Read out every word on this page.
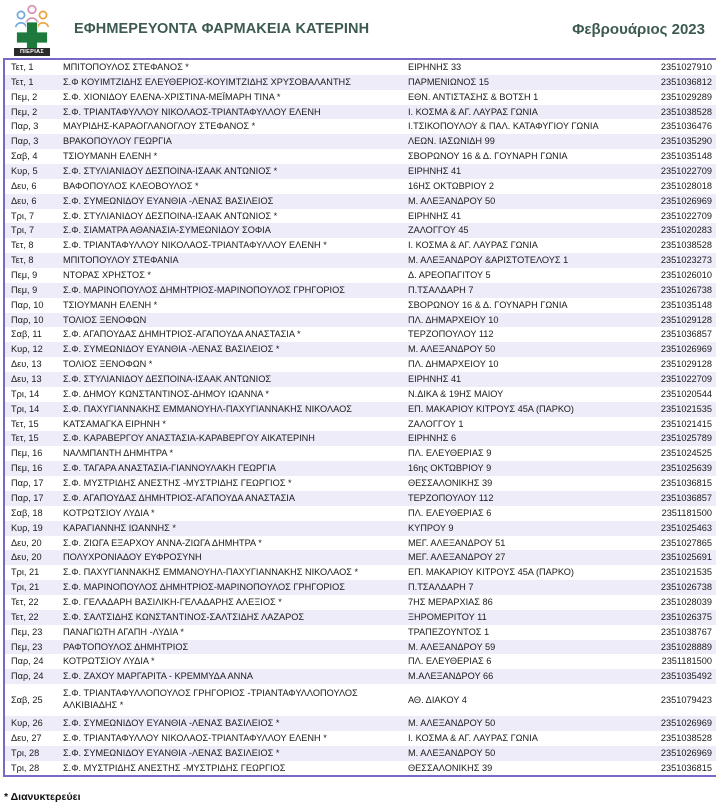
ΠΙΕΡΙΑΣ
ΕΦΗΜΕΡΕΥΟΝΤΑ ΦΑΡΜΑΚΕΙΑ ΚΑΤΕΡΙΝΗ	Φεβρουάριος 2023
Τετ, 1	ΜΠΙΤΟΠΟΥΛΟΣ ΣΤΕΦΑΝΟΣ *	ΕΙΡΗΝΗΣ 33	2351027910
Τετ, 1	Σ.Φ ΚΟΥΙΜΤΖΙΔΗΣ ΕΛΕΥΘΕΡΙΟΣ-ΚΟΥΙΜΤΖΙΔΗΣ ΧΡΥΣΟΒΑΛΑΝΤΗΣ	ΠΑΡΜΕΝΙΩΝΟΣ 15	2351036812
Πεμ, 2	Σ.Φ. ΧΙΟΝΙΔΟΥ ΕΛΕΝΑ-ΧΡΙΣΤΙΝΑ-ΜΕΪΜΑΡΗ ΤΙΝΑ *	ΕΘΝ. ΑΝΤΙΣΤΑΣΗΣ & ΒΟΤΣΗ 1	2351029289
Πεμ, 2	Σ.Φ. ΤΡΙΑΝΤΑΦΥΛΛΟΥ ΝΙΚΟΛΑΟΣ-ΤΡΙΑΝΤΑΦΥΛΛΟΥ ΕΛΕΝΗ	Ι. ΚΟΣΜΑ & ΑΓ. ΛΑΥΡΑΣ ΓΩΝΙΑ	2351038528
Παρ, 3	ΜΑΥΡΙΔΗΣ-ΚΑΡΑΟΓΛΑΝΟΓΛΟΥ ΣΤΕΦΑΝΟΣ *	Ι.ΤΣΙΚΟΠΟΥΛΟΥ & ΠΑΛ. ΚΑΤΑΦΥΓΙΟΥ ΓΩΝΙΑ	2351036476
Παρ, 3	ΒΡΑΚΟΠΟΥΛΟΥ ΓΕΩΡΓΙΑ	ΛΕΩΝ. ΙΑΣΩΝΙΔΗ 99	2351035290
Σαβ, 4	ΤΣΙΟΥΜΑΝΗ ΕΛΕΝΗ *	ΣΒΟΡΩΝΟΥ 16 & Δ. ΓΟΥΝΑΡΗ ΓΩΝΙΑ	2351035148
Κυρ, 5	Σ.Φ. ΣΤΥΛΙΑΝΙΔΟΥ ΔΕΣΠΟΙΝΑ-ΙΣΑΑΚ ΑΝΤΩΝΙΟΣ *	ΕΙΡΗΝΗΣ 41	2351022709
Δευ, 6	ΒΑΦΟΠΟΥΛΟΣ ΚΛΕΟΒΟΥΛΟΣ *	16ΗΣ ΟΚΤΩΒΡΙΟΥ 2	2351028018
Δευ, 6	Σ.Φ. ΣΥΜΕΩΝΙΔΟΥ ΕΥΑΝΘΙΑ -ΛΕΝΑΣ ΒΑΣΙΛΕΙΟΣ	Μ. ΑΛΕΞΑΝΔΡΟΥ 50	2351026969
Τρι, 7	Σ.Φ. ΣΤΥΛΙΑΝΙΔΟΥ ΔΕΣΠΟΙΝΑ-ΙΣΑΑΚ ΑΝΤΩΝΙΟΣ *	ΕΙΡΗΝΗΣ 41	2351022709
Τρι, 7	Σ.Φ. ΣΙΑΜΑΤΡΑ ΑΘΑΝΑΣΙΑ-ΣΥΜΕΩΝΙΔΟΥ ΣΟΦΙΑ	ΖΑΛΟΓΓΟΥ 45	2351020283
Τετ, 8	Σ.Φ. ΤΡΙΑΝΤΑΦΥΛΛΟΥ ΝΙΚΟΛΑΟΣ-ΤΡΙΑΝΤΑΦΥΛΛΟΥ ΕΛΕΝΗ *	Ι. ΚΟΣΜΑ & ΑΓ. ΛΑΥΡΑΣ ΓΩΝΙΑ	2351038528
Τετ, 8	ΜΠΙΤΟΠΟΥΛΟΥ ΣΤΕΦΑΝΙΑ	Μ. ΑΛΕΞΑΝΔΡΟΥ &ΑΡΙΣΤΟΤΕΛΟΥΣ 1	2351023273
Πεμ, 9	ΝΤΟΡΑΣ ΧΡΗΣΤΟΣ *	Δ. ΑΡΕΟΠΑΓΙΤΟΥ 5	2351026010
Πεμ, 9	Σ.Φ. ΜΑΡΙΝΟΠΟΥΛΟΣ ΔΗΜΗΤΡΙΟΣ-ΜΑΡΙΝΟΠΟΥΛΟΣ ΓΡΗΓΟΡΙΟΣ	Π.ΤΣΑΛΔΑΡΗ 7	2351026738
Παρ, 10	ΤΣΙΟΥΜΑΝΗ ΕΛΕΝΗ *	ΣΒΟΡΩΝΟΥ 16 & Δ. ΓΟΥΝΑΡΗ ΓΩΝΙΑ	2351035148
Παρ, 10	ΤΟΛΙΟΣ ΞΕΝΟΦΩΝ	ΠΛ. ΔΗΜΑΡΧΕΙΟΥ 10	2351029128
Σαβ, 11	Σ.Φ. ΑΓΑΠΟΥΔΑΣ ΔΗΜΗΤΡΙΟΣ-ΑΓΑΠΟΥΔΑ ΑΝΑΣΤΑΣΙΑ *	ΤΕΡΖΟΠΟΥΛΟΥ 112	2351036857
Κυρ, 12	Σ.Φ. ΣΥΜΕΩΝΙΔΟΥ ΕΥΑΝΘΙΑ -ΛΕΝΑΣ ΒΑΣΙΛΕΙΟΣ *	Μ. ΑΛΕΞΑΝΔΡΟΥ 50	2351026969
Δευ, 13	ΤΟΛΙΟΣ ΞΕΝΟΦΩΝ *	ΠΛ. ΔΗΜΑΡΧΕΙΟΥ 10	2351029128
Δευ, 13	Σ.Φ. ΣΤΥΛΙΑΝΙΔΟΥ ΔΕΣΠΟΙΝΑ-ΙΣΑΑΚ ΑΝΤΩΝΙΟΣ	ΕΙΡΗΝΗΣ 41	2351022709
Τρι, 14	Σ.Φ. ΔΗΜΟΥ ΚΩΝΣΤΑΝΤΙΝΟΣ-ΔΗΜΟΥ ΙΩΑΝΝΑ *	Ν.ΔΙΚΑ & 19ΗΣ ΜΑΙΟΥ	2351020544
Τρι, 14	Σ.Φ. ΠΑΧΥΓΙΑΝΝΑΚΗΣ ΕΜΜΑΝΟΥΗΛ-ΠΑΧΥΓΙΑΝΝΑΚΗΣ ΝΙΚΟΛΑΟΣ	ΕΠ. ΜΑΚΑΡΙΟΥ ΚΙΤΡΟΥΣ 45Α (ΠΑΡΚΟ)	2351021535
Τετ, 15	ΚΑΤΣΑΜΑΓΚΑ ΕΙΡΗΝΗ *	ΖΑΛΟΓΓΟΥ 1	2351021415
Τετ, 15	Σ.Φ. ΚΑΡΑΒΕΡΓΟΥ ΑΝΑΣΤΑΣΙΑ-ΚΑΡΑΒΕΡΓΟΥ ΑΙΚΑΤΕΡΙΝΗ	ΕΙΡΗΝΗΣ 6	2351025789
Πεμ, 16	ΝΑΛΜΠΑΝΤΗ ΔΗΜΗΤΡΑ *	ΠΛ. ΕΛΕΥΘΕΡΙΑΣ 9	2351024525
Πεμ, 16	Σ.Φ. ΤΑΓΑΡΑ ΑΝΑΣΤΑΣΙΑ-ΓΙΑΝΝΟΥΛΑΚΗ ΓΕΩΡΓΙΑ	16ης ΟΚΤΩΒΡΙΟΥ 9	2351025639
Παρ, 17	Σ.Φ. ΜΥΣΤΡΙΔΗΣ ΑΝΕΣΤΗΣ -ΜΥΣΤΡΙΔΗΣ ΓΕΩΡΓΙΟΣ *	ΘΕΣΣΑΛΟΝΙΚΗΣ 39	2351036815
Παρ, 17	Σ.Φ. ΑΓΑΠΟΥΔΑΣ ΔΗΜΗΤΡΙΟΣ-ΑΓΑΠΟΥΔΑ ΑΝΑΣΤΑΣΙΑ	ΤΕΡΖΟΠΟΥΛΟΥ 112	2351036857
Σαβ, 18	ΚΟΤΡΩΤΣΙΟΥ ΛΥΔΙΑ *	ΠΛ. ΕΛΕΥΘΕΡΙΑΣ 6	2351181500
Κυρ, 19	ΚΑΡΑΓΙΑΝΝΗΣ ΙΩΑΝΝΗΣ *	ΚΥΠΡΟΥ 9	2351025463
Δευ, 20	Σ.Φ. ΖΙΩΓΑ ΕΞΑΡΧΟΥ ΑΝΝΑ-ΖΙΩΓΑ ΔΗΜΗΤΡΑ *	ΜΕΓ. ΑΛΕΞΑΝΔΡΟΥ 51	2351027865
Δευ, 20	ΠΟΛΥΧΡΟΝΙΑΔΟΥ ΕΥΦΡΟΣΥΝΗ	ΜΕΓ. ΑΛΕΞΑΝΔΡΟΥ 27	2351025691
Τρι, 21	Σ.Φ. ΠΑΧΥΓΙΑΝΝΑΚΗΣ ΕΜΜΑΝΟΥΗΛ-ΠΑΧΥΓΙΑΝΝΑΚΗΣ ΝΙΚΟΛΑΟΣ *	ΕΠ. ΜΑΚΑΡΙΟΥ ΚΙΤΡΟΥΣ 45Α (ΠΑΡΚΟ)	2351021535
Τρι, 21	Σ.Φ. ΜΑΡΙΝΟΠΟΥΛΟΣ ΔΗΜΗΤΡΙΟΣ-ΜΑΡΙΝΟΠΟΥΛΟΣ ΓΡΗΓΟΡΙΟΣ	Π.ΤΣΑΛΔΑΡΗ 7	2351026738
Τετ, 22	Σ.Φ. ΓΕΛΑΔΑΡΗ ΒΑΣΙΛΙΚΗ-ΓΕΛΑΔΑΡΗΣ ΑΛΕΞΙΟΣ *	7ΗΣ ΜΕΡΑΡΧΙΑΣ 86	2351028039
Τετ, 22	Σ.Φ. ΣΑΛΤΣΙΔΗΣ ΚΩΝΣΤΑΝΤΙΝΟΣ-ΣΑΛΤΣΙΔΗΣ ΛΑΖΑΡΟΣ	ΞΗΡΟΜΕΡΙΤΟΥ 11	2351026375
Πεμ, 23	ΠΑΝΑΓΙΩΤΗ ΑΓΑΠΗ -ΛΥΔΙΑ *	ΤΡΑΠΕΖΟΥΝΤΟΣ 1	2351038767
Πεμ, 23	ΡΑΦΤΟΠΟΥΛΟΣ ΔΗΜΗΤΡΙΟΣ	Μ. ΑΛΕΞΑΝΔΡΟΥ 59	2351028889
Παρ, 24	ΚΟΤΡΩΤΣΙΟΥ ΛΥΔΙΑ *	ΠΛ. ΕΛΕΥΘΕΡΙΑΣ 6	2351181500
Παρ, 24	Σ.Φ. ΖΑΧΟΥ ΜΑΡΓΑΡΙΤΑ - ΚΡΕΜΜΥΔΑ ΑΝΝΑ	Μ.ΑΛΕΞΑΝΔΡΟΥ 66	2351035492
Σαβ, 25	Σ.Φ. ΤΡΙΑΝΤΑΦΥΛΛΟΠΟΥΛΟΣ ΓΡΗΓΟΡΙΟΣ -ΤΡΙΑΝΤΑΦΥΛΛΟΠΟΥΛΟΣ ΑΛΚΙΒΙΑΔΗΣ *	ΑΘ. ΔΙΑΚΟΥ 4	2351079423
Κυρ, 26	Σ.Φ. ΣΥΜΕΩΝΙΔΟΥ ΕΥΑΝΘΙΑ -ΛΕΝΑΣ ΒΑΣΙΛΕΙΟΣ *	Μ. ΑΛΕΞΑΝΔΡΟΥ 50	2351026969
Δευ, 27	Σ.Φ. ΤΡΙΑΝΤΑΦΥΛΛΟΥ ΝΙΚΟΛΑΟΣ-ΤΡΙΑΝΤΑΦΥΛΛΟΥ ΕΛΕΝΗ *	Ι. ΚΟΣΜΑ & ΑΓ. ΛΑΥΡΑΣ ΓΩΝΙΑ	2351038528
Τρι, 28	Σ.Φ. ΣΥΜΕΩΝΙΔΟΥ ΕΥΑΝΘΙΑ -ΛΕΝΑΣ ΒΑΣΙΛΕΙΟΣ *	Μ. ΑΛΕΞΑΝΔΡΟΥ 50	2351026969
Τρι, 28	Σ.Φ. ΜΥΣΤΡΙΔΗΣ ΑΝΕΣΤΗΣ -ΜΥΣΤΡΙΔΗΣ ΓΕΩΡΓΙΟΣ	ΘΕΣΣΑΛΟΝΙΚΗΣ 39	2351036815
* Διανυκτερεύει
